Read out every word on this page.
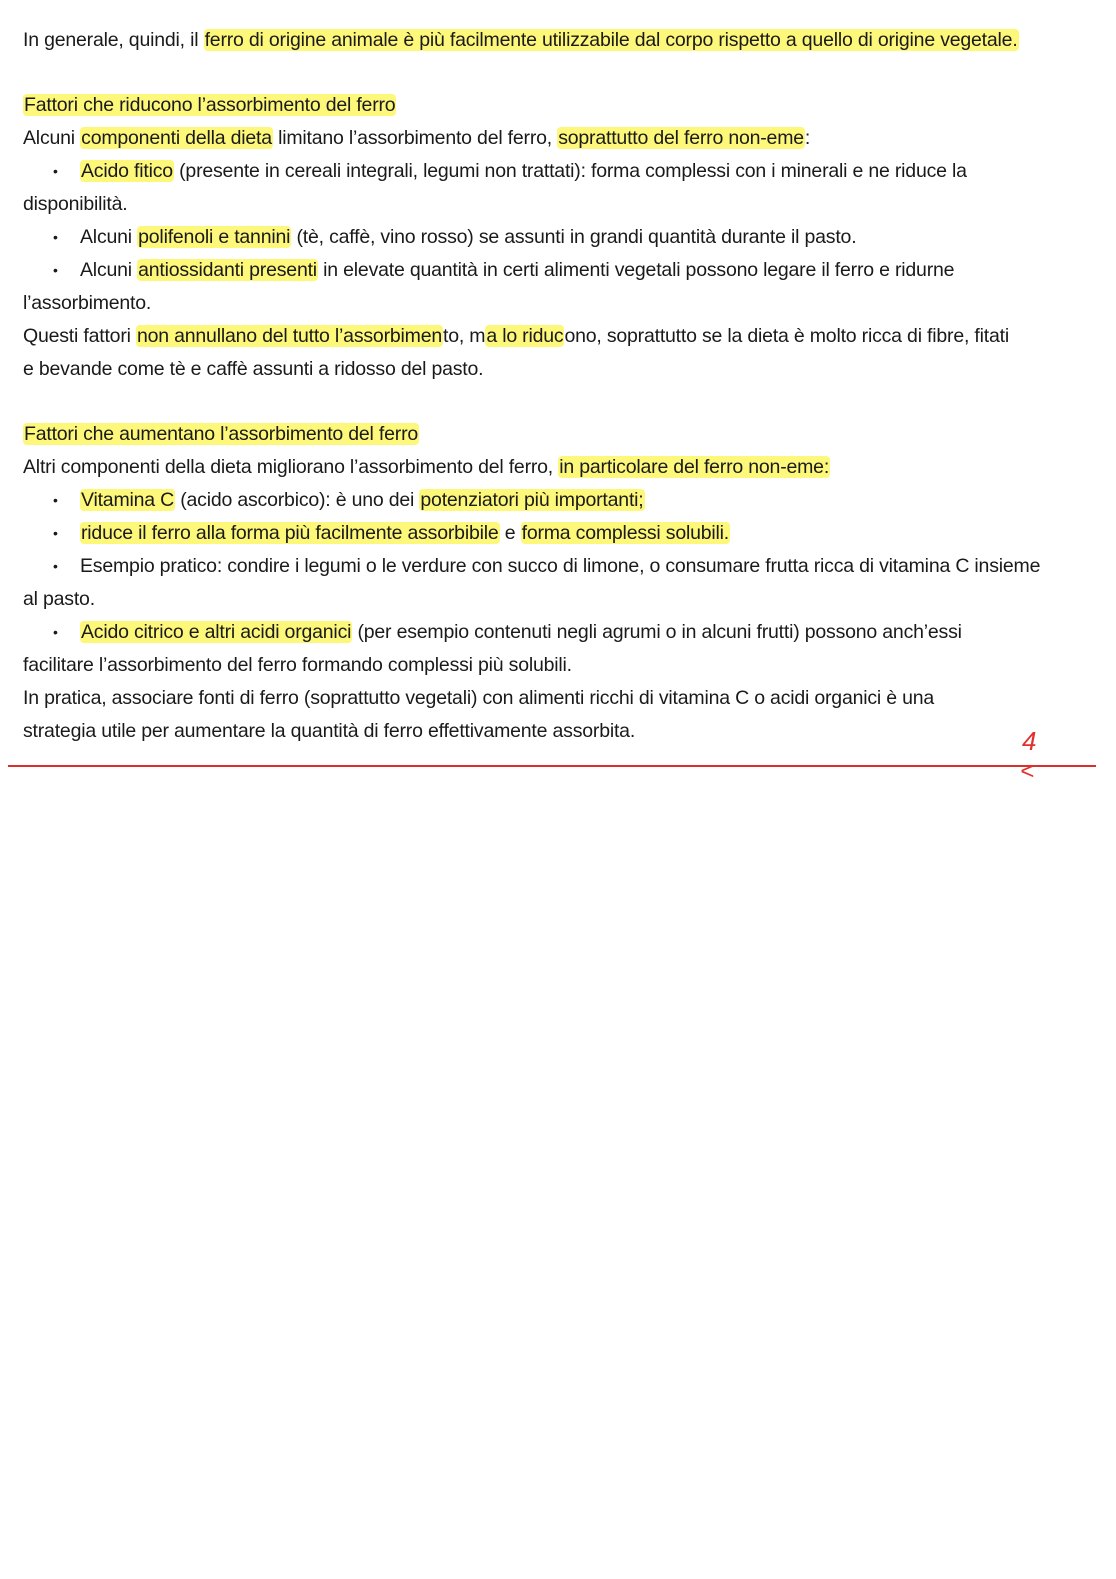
In generale, quindi, il ferro di origine animale è più facilmente utilizzabile dal corpo rispetto a quello di origine vegetale.
Fattori che riducono l’assorbimento del ferro
Alcuni componenti della dieta limitano l’assorbimento del ferro, soprattutto del ferro non-eme:
• Acido fitico (presente in cereali integrali, legumi non trattati): forma complessi con i minerali e ne riduce la
disponibilità.
• Alcuni polifenoli e tannini (tè, caffè, vino rosso) se assunti in grandi quantità durante il pasto.
• Alcuni antiossidanti presenti in elevate quantità in certi alimenti vegetali possono legare il ferro e ridurne
l’assorbimento.
Questi fattori non annullano del tutto l’assorbimento, ma lo riducono, soprattutto se la dieta è molto ricca di fibre, fitati
e bevande come tè e caffè assunti a ridosso del pasto.
Fattori che aumentano l’assorbimento del ferro
Altri componenti della dieta migliorano l’assorbimento del ferro, in particolare del ferro non-eme:
• Vitamina C (acido ascorbico): è uno dei potenziatori più importanti;
• riduce il ferro alla forma più facilmente assorbibile e forma complessi solubili.
• Esempio pratico: condire i legumi o le verdure con succo di limone, o consumare frutta ricca di vitamina C insieme
al pasto.
• Acido citrico e altri acidi organici (per esempio contenuti negli agrumi o in alcuni frutti) possono anch’essi
facilitare l’assorbimento del ferro formando complessi più solubili.
In pratica, associare fonti di ferro (soprattutto vegetali) con alimenti ricchi di vitamina C o acidi organici è una
strategia utile per aumentare la quantità di ferro effettivamente assorbita.	4
<
